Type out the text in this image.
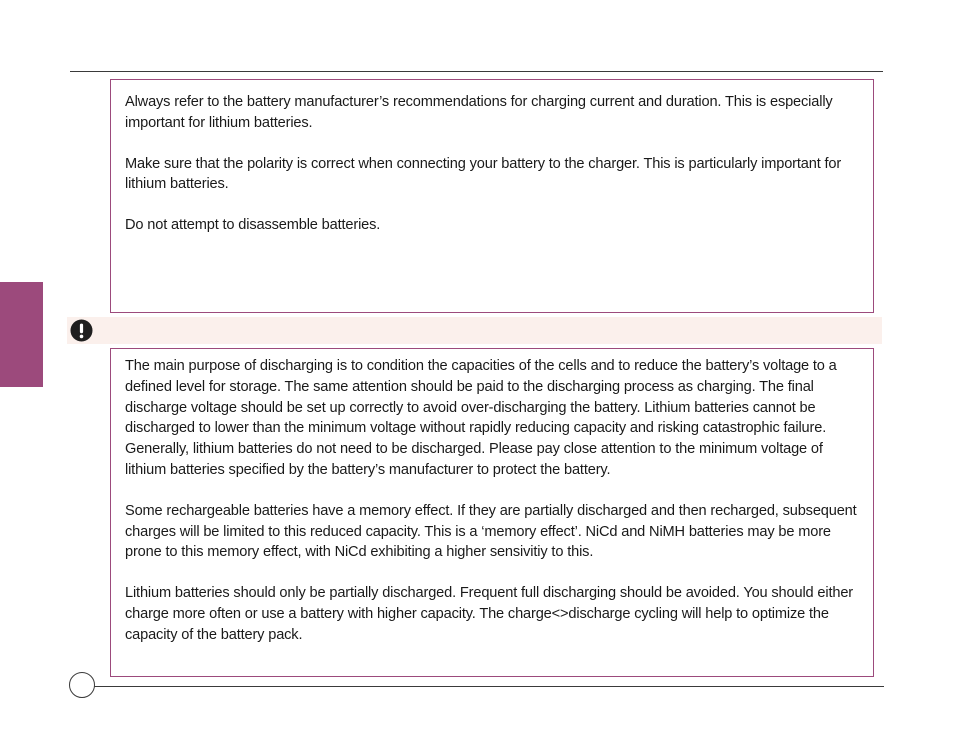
Always refer to the battery manufacturer’s recommendations for charging current and duration. This is especially important for lithium batteries.

Make sure that the polarity is correct when connecting your battery to the charger. This is particularly important for lithium batteries.

Do not attempt to disassemble batteries.

The main purpose of discharging is to condition the capacities of the cells and to reduce the battery’s voltage to a defined level for storage. The same attention should be paid to the discharging process as charging. The final discharge voltage should be set up correctly to avoid over-discharging the battery. Lithium batteries cannot be discharged to lower than the minimum voltage without rapidly reducing capacity and risking catastrophic failure. Generally, lithium batteries do not need to be discharged. Please pay close attention to the minimum voltage of lithium batteries specified by the battery’s manufacturer to protect the battery.

Some rechargeable batteries have a memory effect. If they are partially discharged and then recharged, subsequent charges will be limited to this reduced capacity. This is a ‘memory effect’. NiCd and NiMH batteries may be more prone to this memory effect, with NiCd exhibiting a higher sensivitiy to this.

Lithium batteries should only be partially discharged. Frequent full discharging should be avoided. You should either charge more often or use a battery with higher capacity. The charge<>discharge cycling will help to optimize the capacity of the battery pack.
